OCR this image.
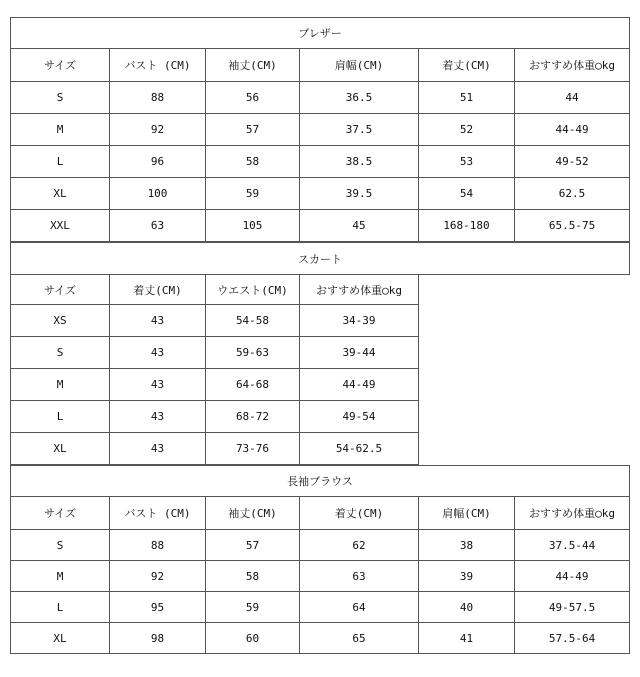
ブレザー					
サイズ	バスト (CM)	袖丈(CM)	肩幅(CM)	着丈(CM)	おすすめ体重◯kg
S	88	56	36.5	51	44
M	92	57	37.5	52	44-49
L	96	58	38.5	53	49-52
XL	100	59	39.5	54	62.5
XXL	63	105	45	168-180	65.5-75
スカート				
サイズ	着丈(CM)	ウエスト(CM)	おすすめ体重◯kg	
XS	43	54-58	34-39	
S	43	59-63	39-44	
M	43	64-68	44-49	
L	43	68-72	49-54	
XL	43	73-76	54-62.5	
長袖ブラウス					
サイズ	バスト (CM)	袖丈(CM)	着丈(CM)	肩幅(CM)	おすすめ体重◯kg
S	88	57	62	38	37.5-44
M	92	58	63	39	44-49
L	95	59	64	40	49-57.5
XL	98	60	65	41	57.5-64
